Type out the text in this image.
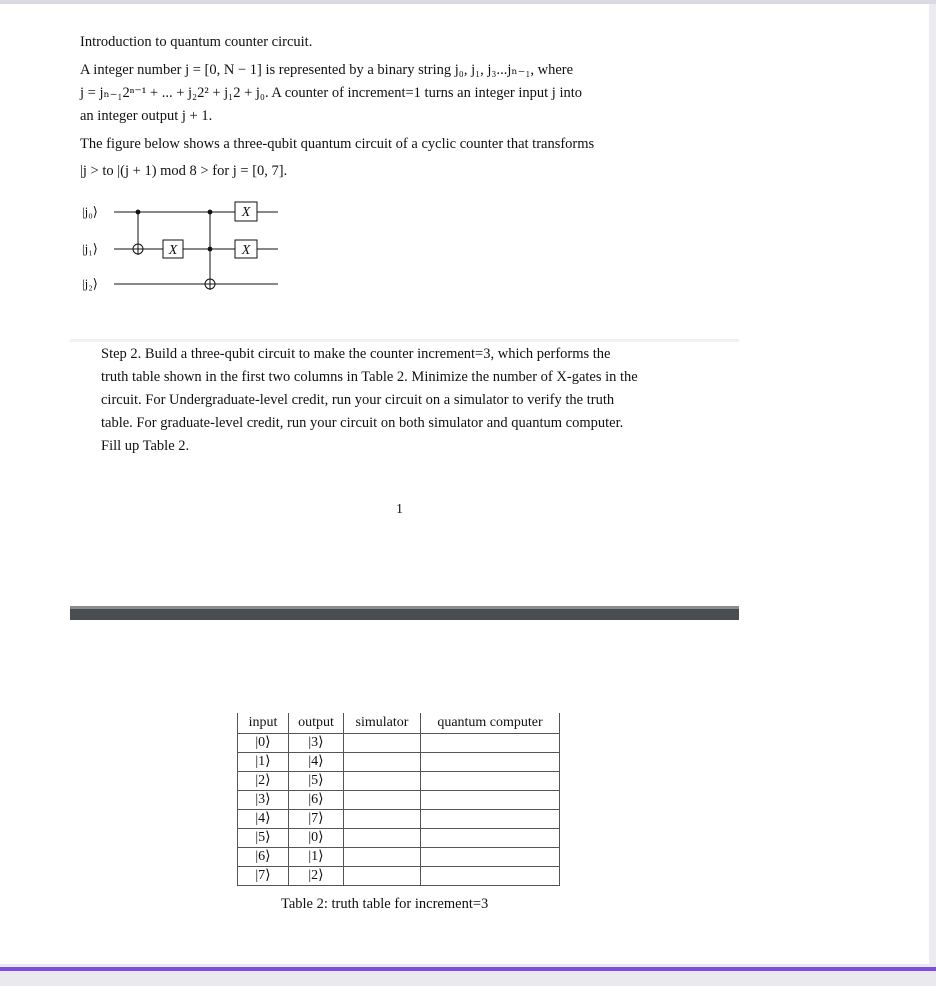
Introduction to quantum counter circuit.
A integer number j = [0, N − 1] is represented by a binary string j₀, j₁, j₃...jₙ₋₁, where
j = jₙ₋₁2ⁿ⁻¹ + ... + j₂2² + j₁2 + j₀. A counter of increment=1 turns an integer input j into
an integer output j + 1.
The figure below shows a three-qubit quantum circuit of a cyclic counter that transforms
|j > to |(j + 1) mod 8 > for j = [0, 7].
X
X
X
|j₀⟩
|j₁⟩
|j₂⟩
Step 2. Build a three-qubit circuit to make the counter increment=3, which performs the
truth table shown in the first two columns in Table 2. Minimize the number of X-gates in the
circuit. For Undergraduate-level credit, run your circuit on a simulator to verify the truth
table. For graduate-level credit, run your circuit on both simulator and quantum computer.
Fill up Table 2.
1
input	output	simulator	quantum computer
|0⟩	|3⟩		
|1⟩	|4⟩		
|2⟩	|5⟩		
|3⟩	|6⟩		
|4⟩	|7⟩		
|5⟩	|0⟩		
|6⟩	|1⟩		
|7⟩	|2⟩		
Table 2: truth table for increment=3
